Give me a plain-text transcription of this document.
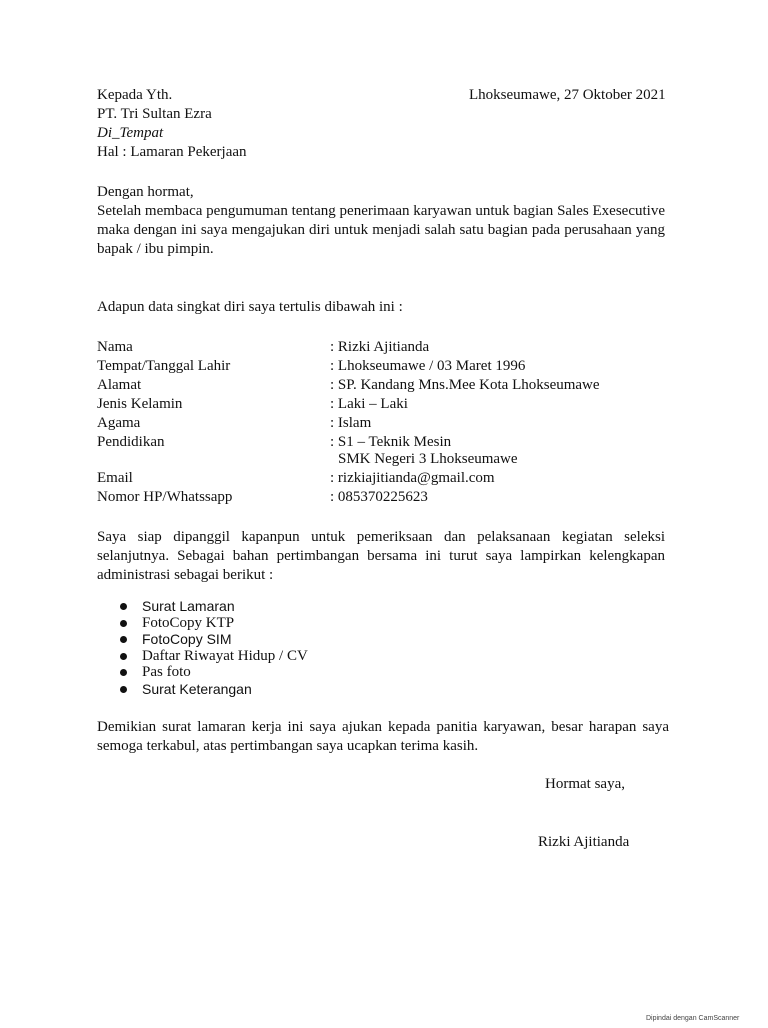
Kepada Yth.
PT. Tri Sultan Ezra
Di_Tempat
Hal : Lamaran Pekerjaan
Lhokseumawe, 27 Oktober 2021
Dengan hormat,
Setelah membaca pengumuman tentang penerimaan karyawan untuk bagian Sales Exesecutive maka dengan ini saya mengajukan diri untuk menjadi salah satu bagian pada perusahaan yang bapak / ibu pimpin.
Adapun data singkat diri saya tertulis dibawah ini :
Nama	: Rizki Ajitianda
Tempat/Tanggal Lahir	: Lhokseumawe / 03 Maret 1996
Alamat	: SP. Kandang Mns.Mee Kota Lhokseumawe
Jenis Kelamin	: Laki – Laki
Agama	: Islam
Pendidikan	: S1 – Teknik Mesin
SMK Negeri 3 Lhokseumawe
Email	: rizkiajitianda@gmail.com
Nomor HP/Whatssapp	: 085370225623
Saya siap dipanggil kapanpun untuk pemeriksaan dan pelaksanaan kegiatan seleksi selanjutnya. Sebagai bahan pertimbangan bersama ini turut saya lampirkan kelengkapan administrasi sebagai berikut :
Surat Lamaran
FotoCopy KTP
FotoCopy SIM
Daftar Riwayat Hidup / CV
Pas foto
Surat Keterangan
Demikian surat lamaran kerja ini saya ajukan kepada panitia karyawan, besar harapan saya semoga terkabul, atas pertimbangan saya ucapkan terima kasih.
Hormat saya,
Rizki Ajitianda
Dipindai dengan CamScanner
